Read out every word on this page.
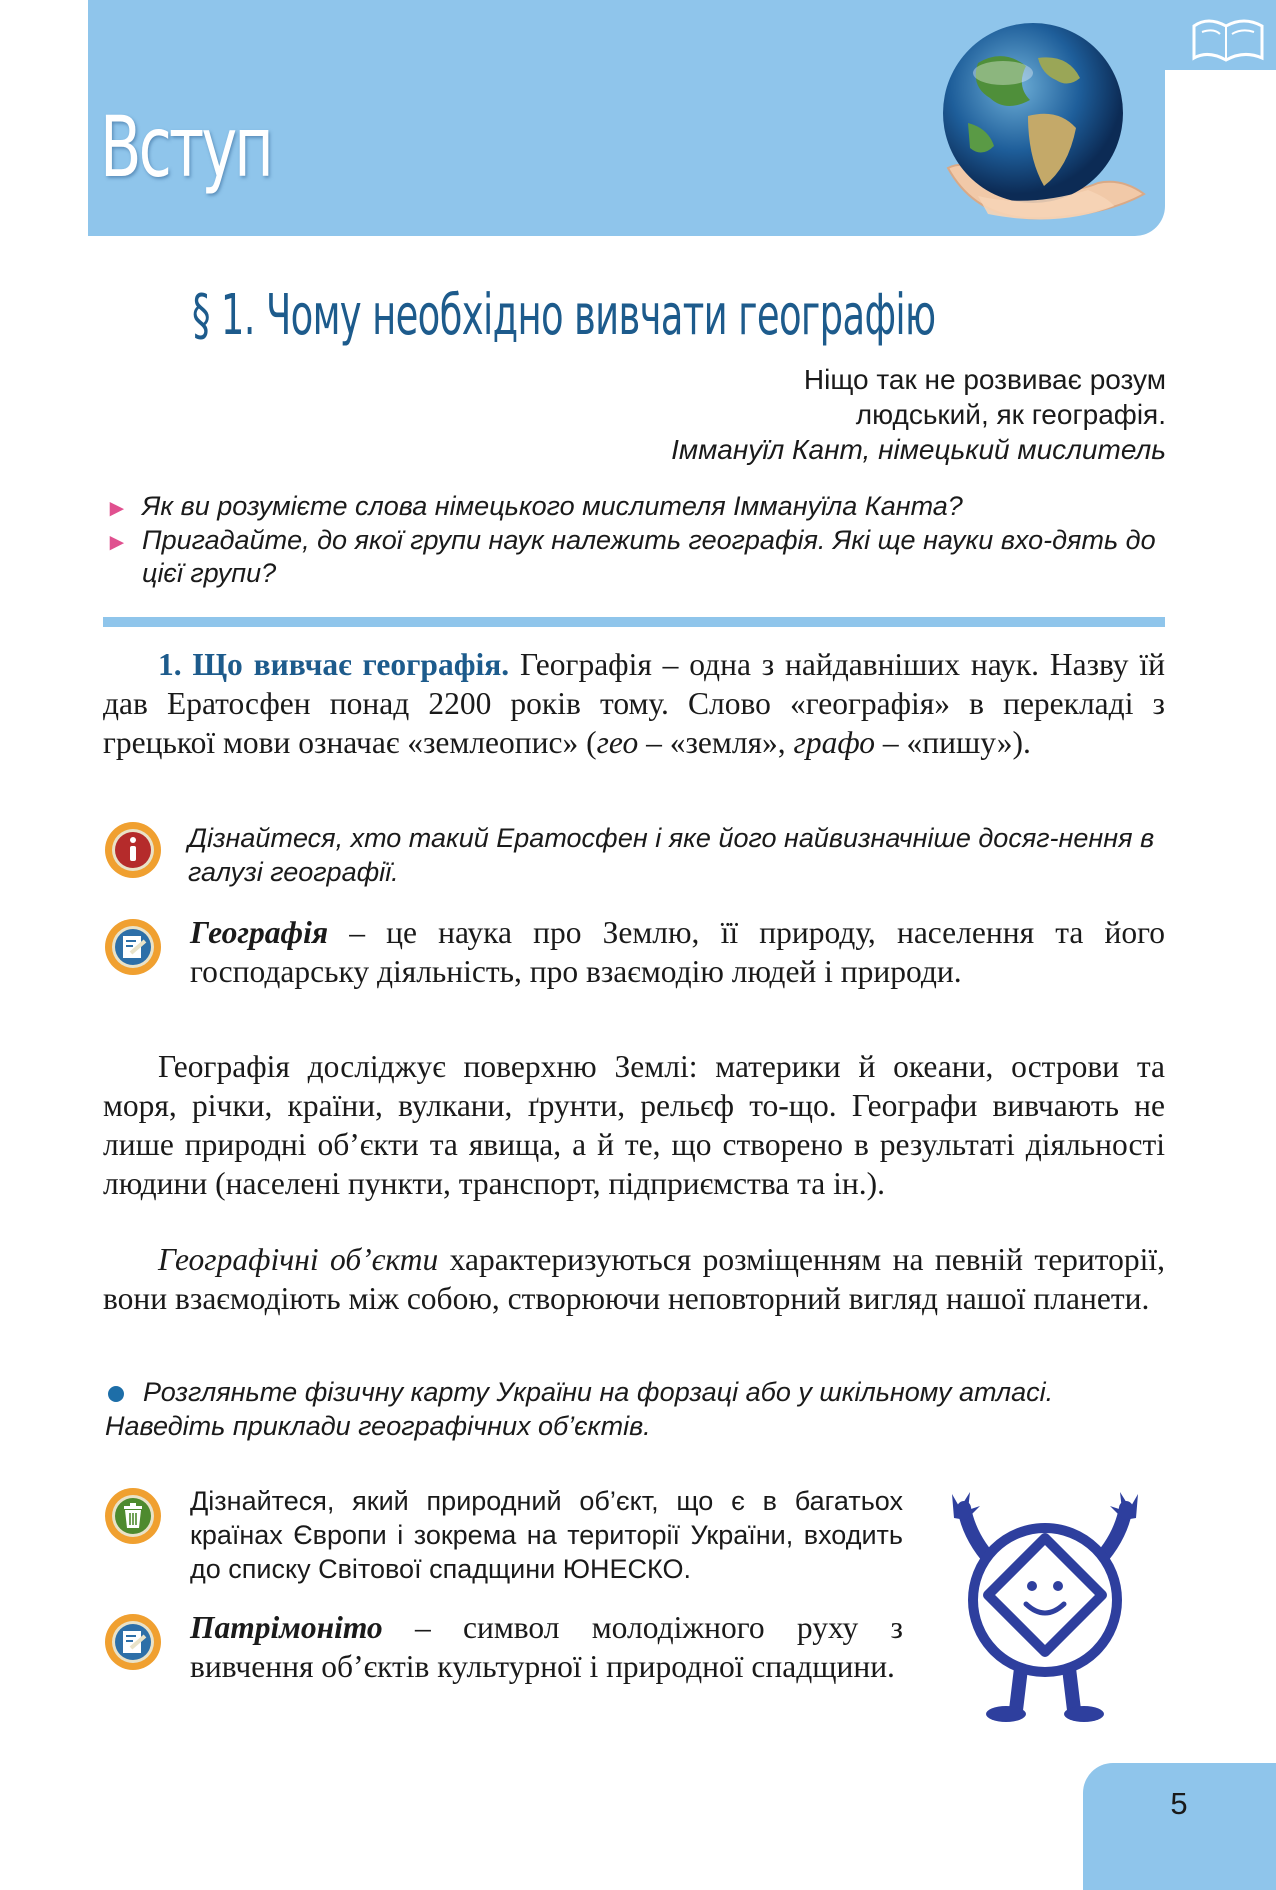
Вступ
§ 1. Чому необхідно вивчати географію
Ніщо так не розвиває розум
людський, як географія.
Іммануїл Кант, німецький мислитель
► Як ви розумієте слова німецького мислителя Іммануїла Канта?
► Пригадайте, до якої групи наук належить географія. Які ще науки вхо-дять до цієї групи?
1. Що вивчає географія. Географія – одна з найдавніших наук. Назву їй дав Ератосфен понад 2200 років тому. Слово «географія» в перекладі з грецької мови означає «землеопис» (гео – «земля», графо – «пишу»).
Дізнайтеся, хто такий Ератосфен і яке його найвизначніше досяг-нення в галузі географії.
Географія – це наука про Землю, її природу, населення та його господарську діяльність, про взаємодію людей і природи.
Географія досліджує поверхню Землі: материки й океани, острови та моря, річки, країни, вулкани, ґрунти, рельєф то-що. Географи вивчають не лише природні об’єкти та явища, а й те, що створено в результаті діяльності людини (населені пункти, транспорт, підприємства та ін.).
Географічні об’єкти характеризуються розміщенням на певній території, вони взаємодіють між собою, створюючи неповторний вигляд нашої планети.
Розгляньте фізичну карту України на форзаці або у шкільному атласі. Наведіть приклади географічних об’єктів.
Дізнайтеся, який природний об’єкт, що є в багатьох країнах Європи і зокрема на території України, входить до списку Світової спадщини ЮНЕСКО.
Патрімоніто – символ молодіжного руху з вивчення об’єктів культурної і природної спадщини.
5
